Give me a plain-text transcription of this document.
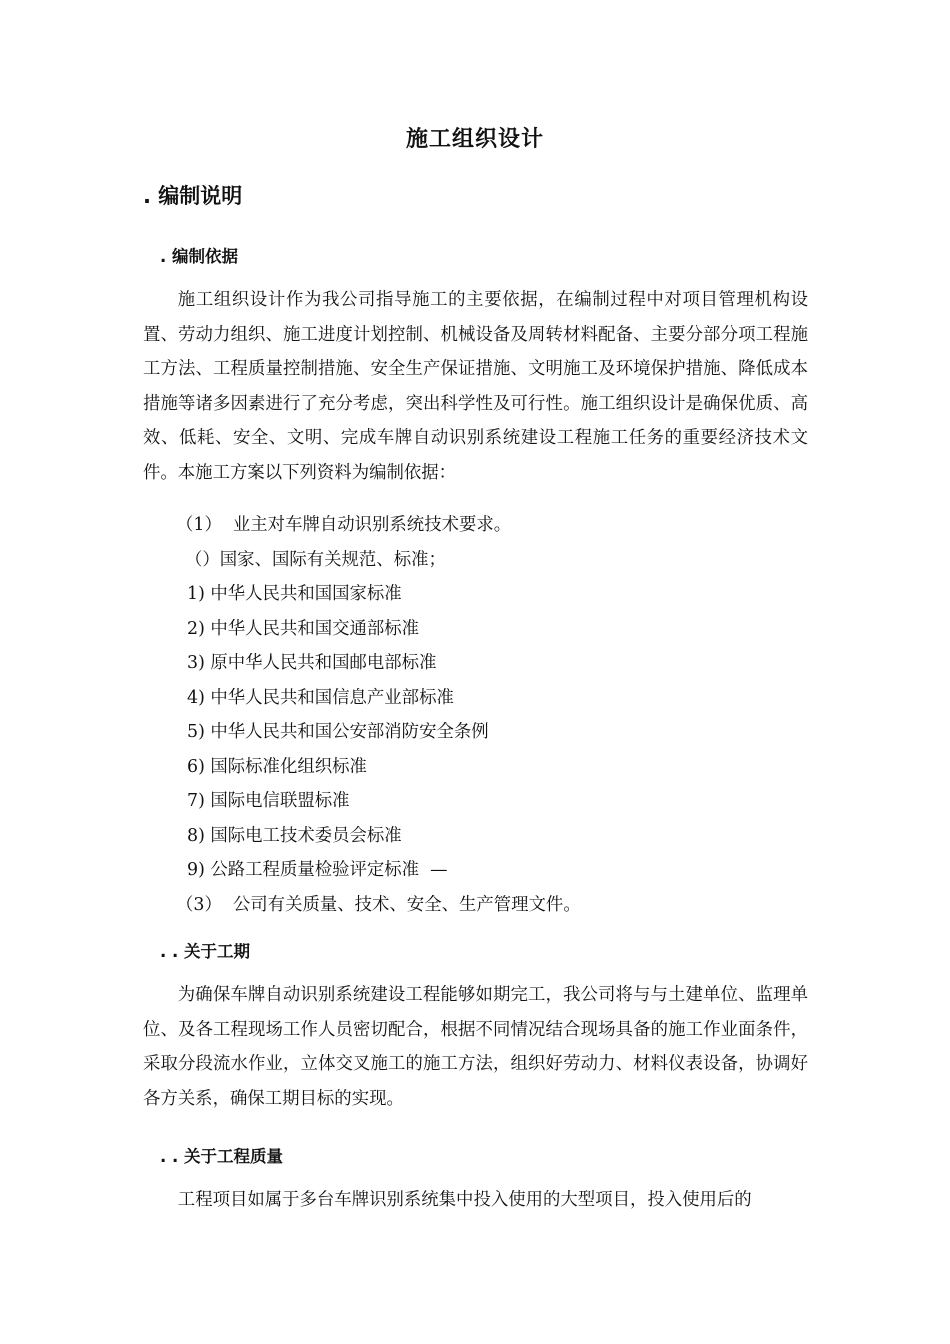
施工组织设计
. 编制说明
. 编制依据

施工组织设计作为我公司指导施工的主要依据，在编制过程中对项目管理机构设置、劳动力组织、施工进度计划控制、机械设备及周转材料配备、主要分部分项工程施工方法、工程质量控制措施、安全生产保证措施、文明施工及环境保护措施、降低成本措施等诸多因素进行了充分考虑，突出科学性及可行性。施工组织设计是确保优质、高效、低耗、安全、文明、完成车牌自动识别系统建设工程施工任务的重要经济技术文件。本施工方案以下列资料为编制依据：

（1）  业主对车牌自动识别系统技术要求。
（）国家、国际有关规范、标准；
1) 中华人民共和国国家标准
2) 中华人民共和国交通部标准
3) 原中华人民共和国邮电部标准
4) 中华人民共和国信息产业部标准
5) 中华人民共和国公安部消防安全条例
6) 国际标准化组织标准
7) 国际电信联盟标准
8) 国际电工技术委员会标准
9) 公路工程质量检验评定标准  —
（3）  公司有关质量、技术、安全、生产管理文件。
. . 关于工期

为确保车牌自动识别系统建设工程能够如期完工，我公司将与与土建单位、监理单位、及各工程现场工作人员密切配合，根据不同情况结合现场具备的施工作业面条件，采取分段流水作业，立体交叉施工的施工方法，组织好劳动力、材料仪表设备，协调好各方关系，确保工期目标的实现。

. . 关于工程质量

工程项目如属于多台车牌识别系统集中投入使用的大型项目，投入使用后的
